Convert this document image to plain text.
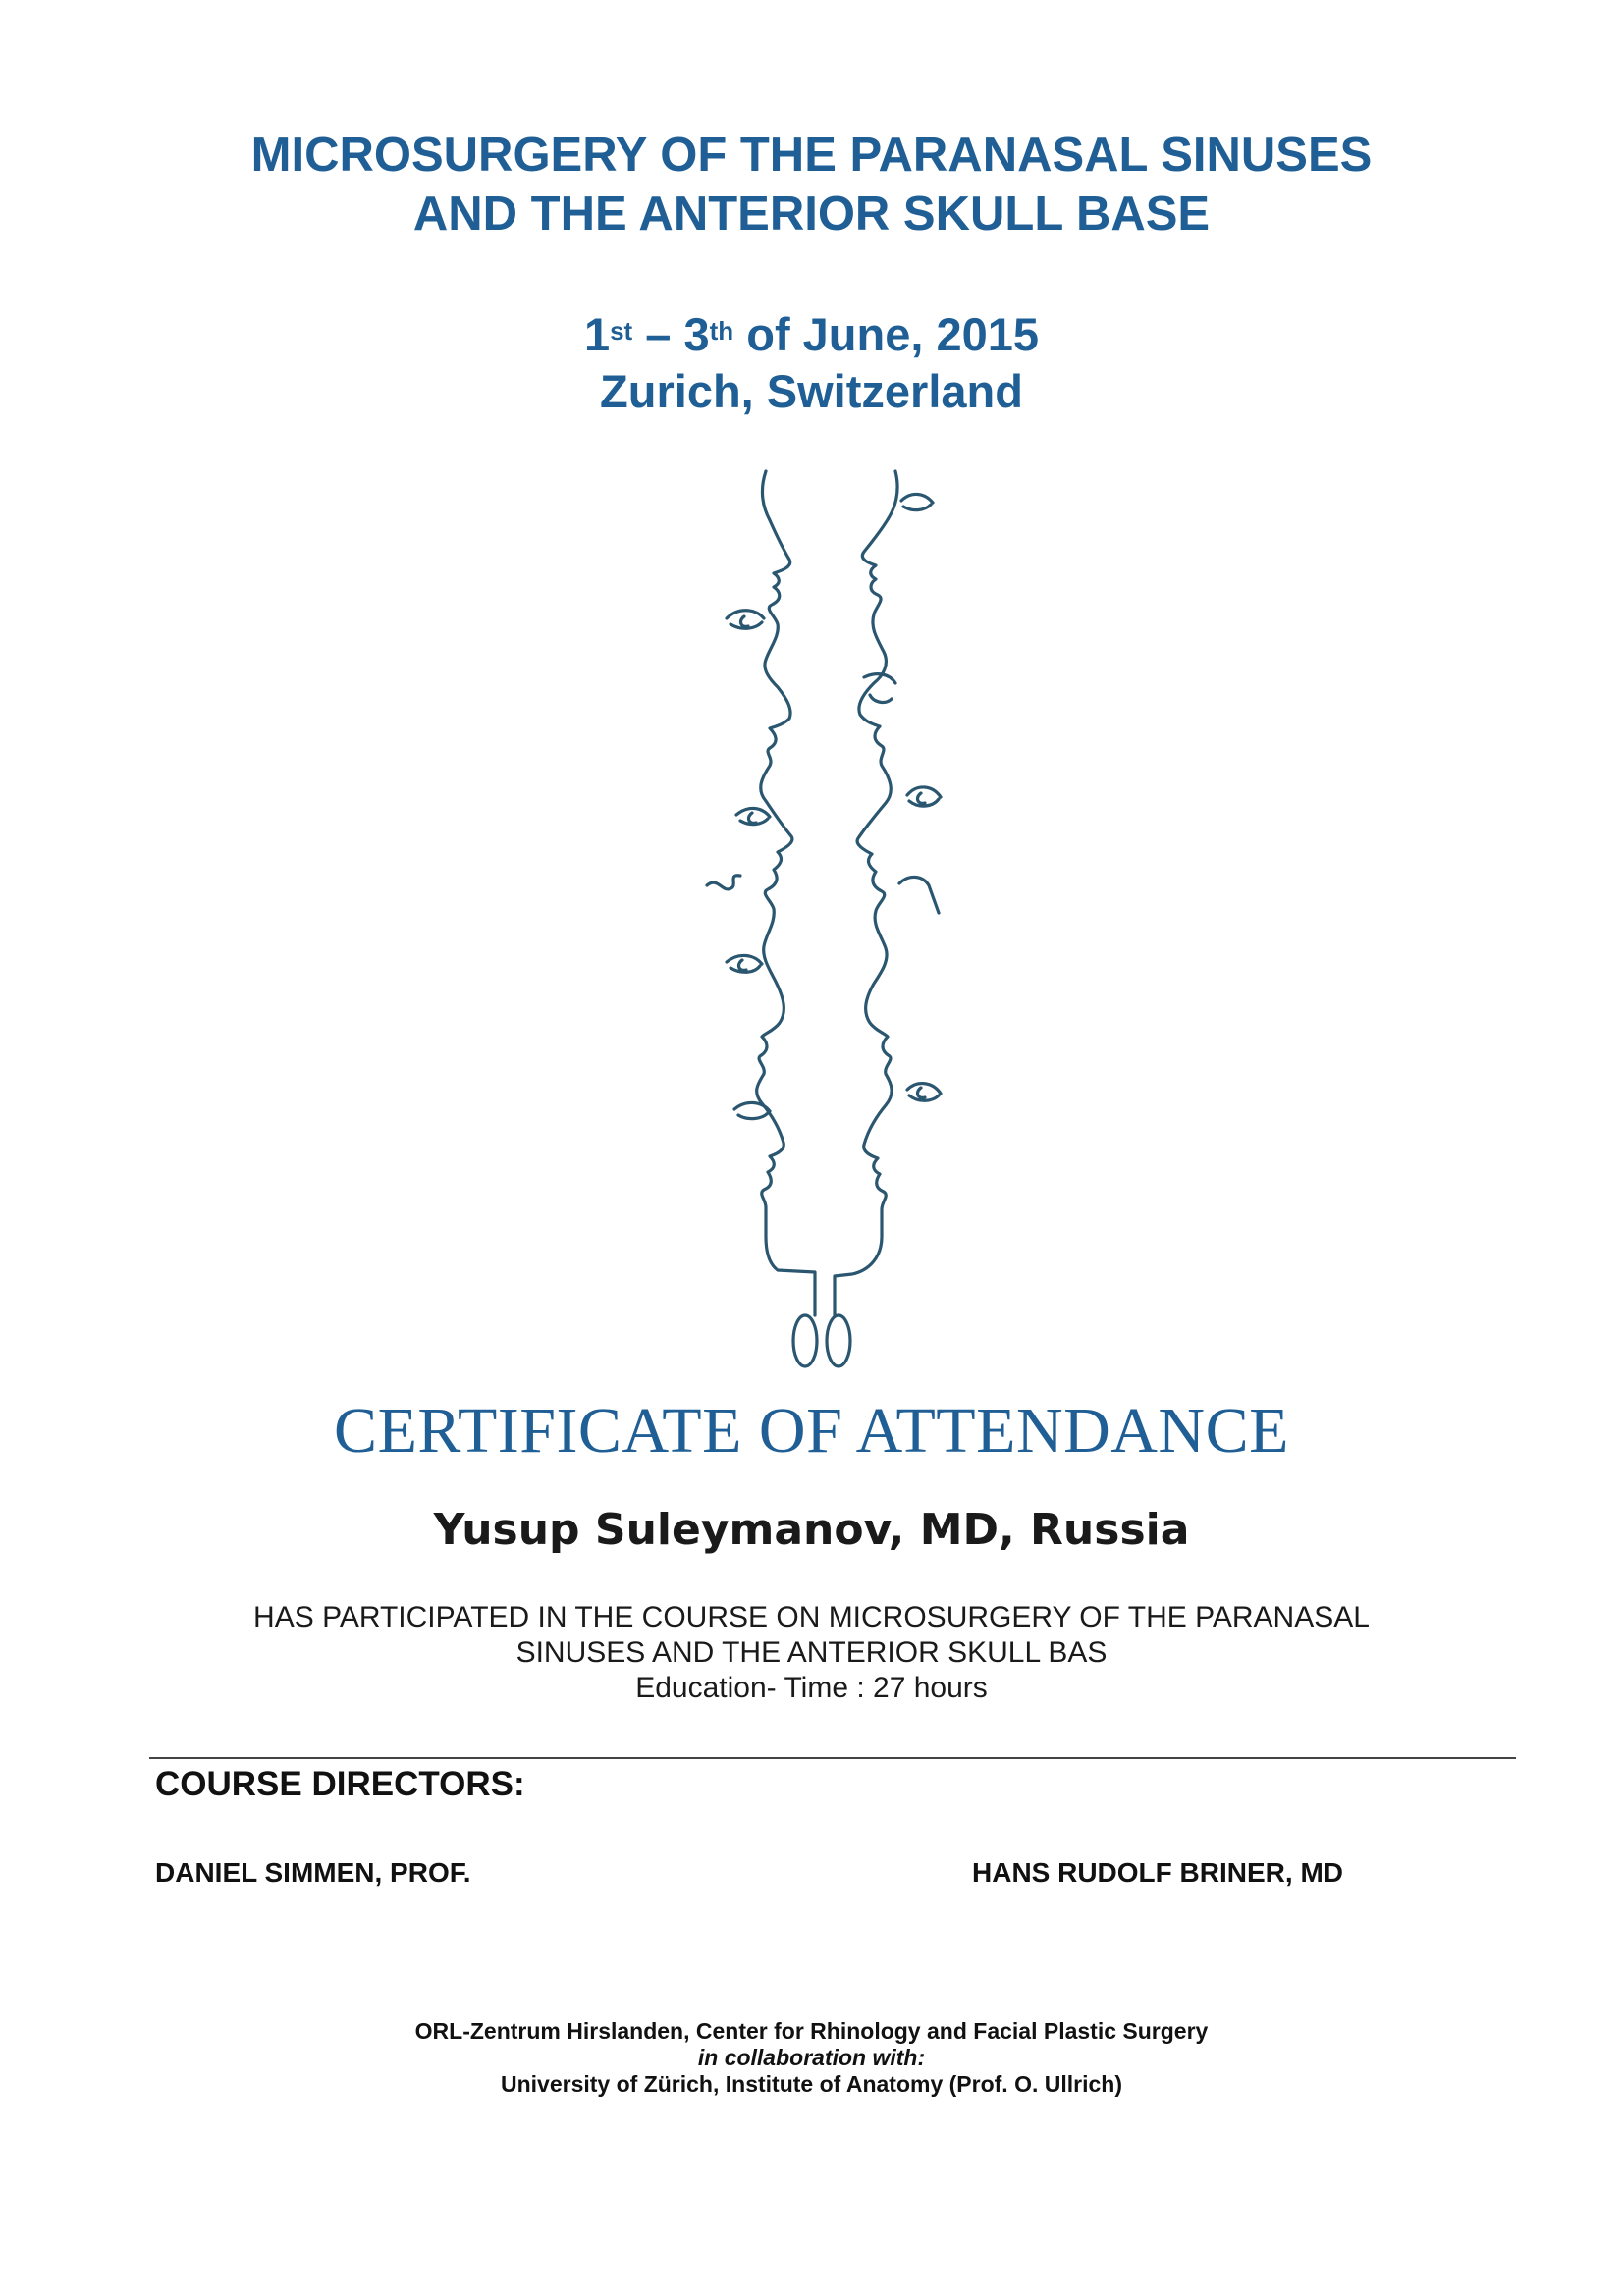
MICROSURGERY OF THE PARANASAL SINUSES
AND THE ANTERIOR SKULL BASE
1st – 3th of June, 2015
Zurich, Switzerland
CERTIFICATE OF ATTENDANCE
Yusup Suleymanov, MD, Russia
HAS PARTICIPATED IN THE COURSE ON MICROSURGERY OF THE PARANASAL
SINUSES AND THE ANTERIOR SKULL BAS
Education- Time : 27 hours
COURSE DIRECTORS:
DANIEL SIMMEN, PROF.	HANS RUDOLF BRINER, MD
ORL-Zentrum Hirslanden, Center for Rhinology and Facial Plastic Surgery
in collaboration with:
University of Zürich, Institute of Anatomy (Prof. O. Ullrich)
